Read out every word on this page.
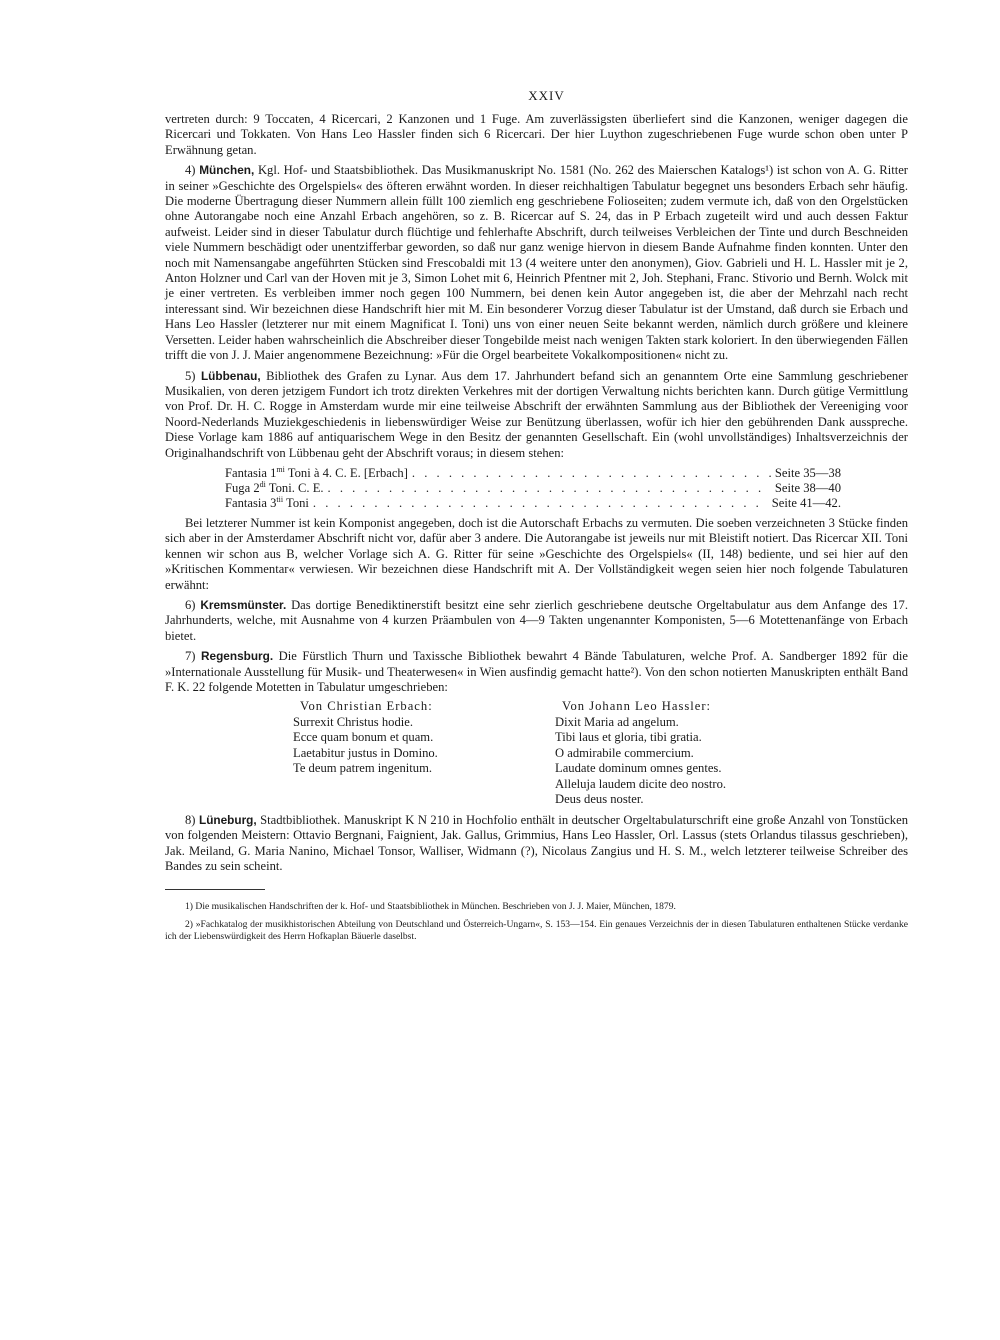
XXIV

vertreten durch: 9 Toccaten, 4 Ricercari, 2 Kanzonen und 1 Fuge. Am zuverlässigsten überliefert sind die Kanzonen, weniger dagegen die Ricercari und Tokkaten. Von Hans Leo Hassler finden sich 6 Ricercari. Der hier Luython zugeschriebenen Fuge wurde schon oben unter P Erwähnung getan.

4) München, Kgl. Hof- und Staatsbibliothek. Das Musikmanuskript No. 1581 (No. 262 des Maierschen Katalogs¹) ist schon von A. G. Ritter in seiner »Geschichte des Orgelspiels« des öfteren erwähnt worden. In dieser reichhaltigen Tabulatur begegnet uns besonders Erbach sehr häufig. Die moderne Übertragung dieser Nummern allein füllt 100 ziemlich eng geschriebene Folioseiten; zudem vermute ich, daß von den Orgelstücken ohne Autorangabe noch eine Anzahl Erbach angehören, so z. B. Ricercar auf S. 24, das in P Erbach zugeteilt wird und auch dessen Faktur aufweist. Leider sind in dieser Tabulatur durch flüchtige und fehlerhafte Abschrift, durch teilweises Verbleichen der Tinte und durch Beschneiden viele Nummern beschädigt oder unentzifferbar geworden, so daß nur ganz wenige hiervon in diesem Bande Aufnahme finden konnten. Unter den noch mit Namensangabe angeführten Stücken sind Frescobaldi mit 13 (4 weitere unter den anonymen), Giov. Gabrieli und H. L. Hassler mit je 2, Anton Holzner und Carl van der Hoven mit je 3, Simon Lohet mit 6, Heinrich Pfentner mit 2, Joh. Stephani, Franc. Stivorio und Bernh. Wolck mit je einer vertreten. Es verbleiben immer noch gegen 100 Nummern, bei denen kein Autor angegeben ist, die aber der Mehrzahl nach recht interessant sind. Wir bezeichnen diese Handschrift hier mit M. Ein besonderer Vorzug dieser Tabulatur ist der Umstand, daß durch sie Erbach und Hans Leo Hassler (letzterer nur mit einem Magnificat I. Toni) uns von einer neuen Seite bekannt werden, nämlich durch größere und kleinere Versetten. Leider haben wahrscheinlich die Abschreiber dieser Tongebilde meist nach wenigen Takten stark koloriert. In den überwiegenden Fällen trifft die von J. J. Maier angenommene Bezeichnung: »Für die Orgel bearbeitete Vokalkompositionen« nicht zu.

5) Lübbenau, Bibliothek des Grafen zu Lynar. Aus dem 17. Jahrhundert befand sich an genanntem Orte eine Sammlung geschriebener Musikalien, von deren jetzigem Fundort ich trotz direkten Verkehres mit der dortigen Verwaltung nichts berichten kann. Durch gütige Vermittlung von Prof. Dr. H. C. Rogge in Amsterdam wurde mir eine teilweise Abschrift der erwähnten Sammlung aus der Bibliothek der Vereeniging voor Noord-Nederlands Muziekgeschiedenis in liebenswürdiger Weise zur Benützung überlassen, wofür ich hier den gebührenden Dank ausspreche. Diese Vorlage kam 1886 auf antiquarischem Wege in den Besitz der genannten Gesellschaft. Ein (wohl unvollständiges) Inhaltsverzeichnis der Originalhandschrift von Lübbenau geht der Abschrift voraus; in diesem stehen:

Fantasia $1^{mi}$ Toni à 4. C. E. [Erbach] . . .	Seite 35—38
Fuga $2^{di}$ Toni. C. E. . . .	Seite 38—40
Fantasia $3^{tii}$ Toni . . .	Seite 41—42.

Bei letzterer Nummer ist kein Komponist angegeben, doch ist die Autorschaft Erbachs zu vermuten. Die soeben verzeichneten 3 Stücke finden sich aber in der Amsterdamer Abschrift nicht vor, dafür aber 3 andere. Die Autorangabe ist jeweils nur mit Bleistift notiert. Das Ricercar XII. Toni kennen wir schon aus B, welcher Vorlage sich A. G. Ritter für seine »Geschichte des Orgelspiels« (II, 148) bediente, und sei hier auf den »Kritischen Kommentar« verwiesen. Wir bezeichnen diese Handschrift mit A. Der Vollständigkeit wegen seien hier noch folgende Tabulaturen erwähnt:

6) Kremsmünster. Das dortige Benediktinerstift besitzt eine sehr zierlich geschriebene deutsche Orgeltabulatur aus dem Anfange des 17. Jahrhunderts, welche, mit Ausnahme von 4 kurzen Präambulen von 4—9 Takten ungenannter Komponisten, 5—6 Motettenanfänge von Erbach bietet.

7) Regensburg. Die Fürstlich Thurn und Taxissche Bibliothek bewahrt 4 Bände Tabulaturen, welche Prof. A. Sandberger 1892 für die »Internationale Ausstellung für Musik- und Theaterwesen« in Wien ausfindig gemacht hatte²). Von den schon notierten Manuskripten enthält Band F. K. 22 folgende Motetten in Tabulatur umgeschrieben:

Von Christian Erbach:
Surrexit Christus hodie.
Ecce quam bonum et quam.
Laetabitur justus in Domino.
Te deum patrem ingenitum.
Von Johann Leo Hassler:
Dixit Maria ad angelum.
Tibi laus et gloria, tibi gratia.
O admirabile commercium.
Laudate dominum omnes gentes.
Alleluja laudem dicite deo nostro.
Deus deus noster.

8) Lüneburg, Stadtbibliothek. Manuskript K N 210 in Hochfolio enthält in deutscher Orgeltabulaturschrift eine große Anzahl von Tonstücken von folgenden Meistern: Ottavio Bergnani, Faignient, Jak. Gallus, Grimmius, Hans Leo Hassler, Orl. Lassus (stets Orlandus tilassus geschrieben), Jak. Meiland, G. Maria Nanino, Michael Tonsor, Walliser, Widmann (?), Nicolaus Zangius und H. S. M., welch letzterer teilweise Schreiber des Bandes zu sein scheint.

1) Die musikalischen Handschriften der k. Hof- und Staatsbibliothek in München. Beschrieben von J. J. Maier, München, 1879.

2) »Fachkatalog der musikhistorischen Abteilung von Deutschland und Österreich-Ungarn«, S. 153—154. Ein genaues Verzeichnis der in diesen Tabulaturen enthaltenen Stücke verdanke ich der Liebenswürdigkeit des Herrn Hofkaplan Bäuerle daselbst.
